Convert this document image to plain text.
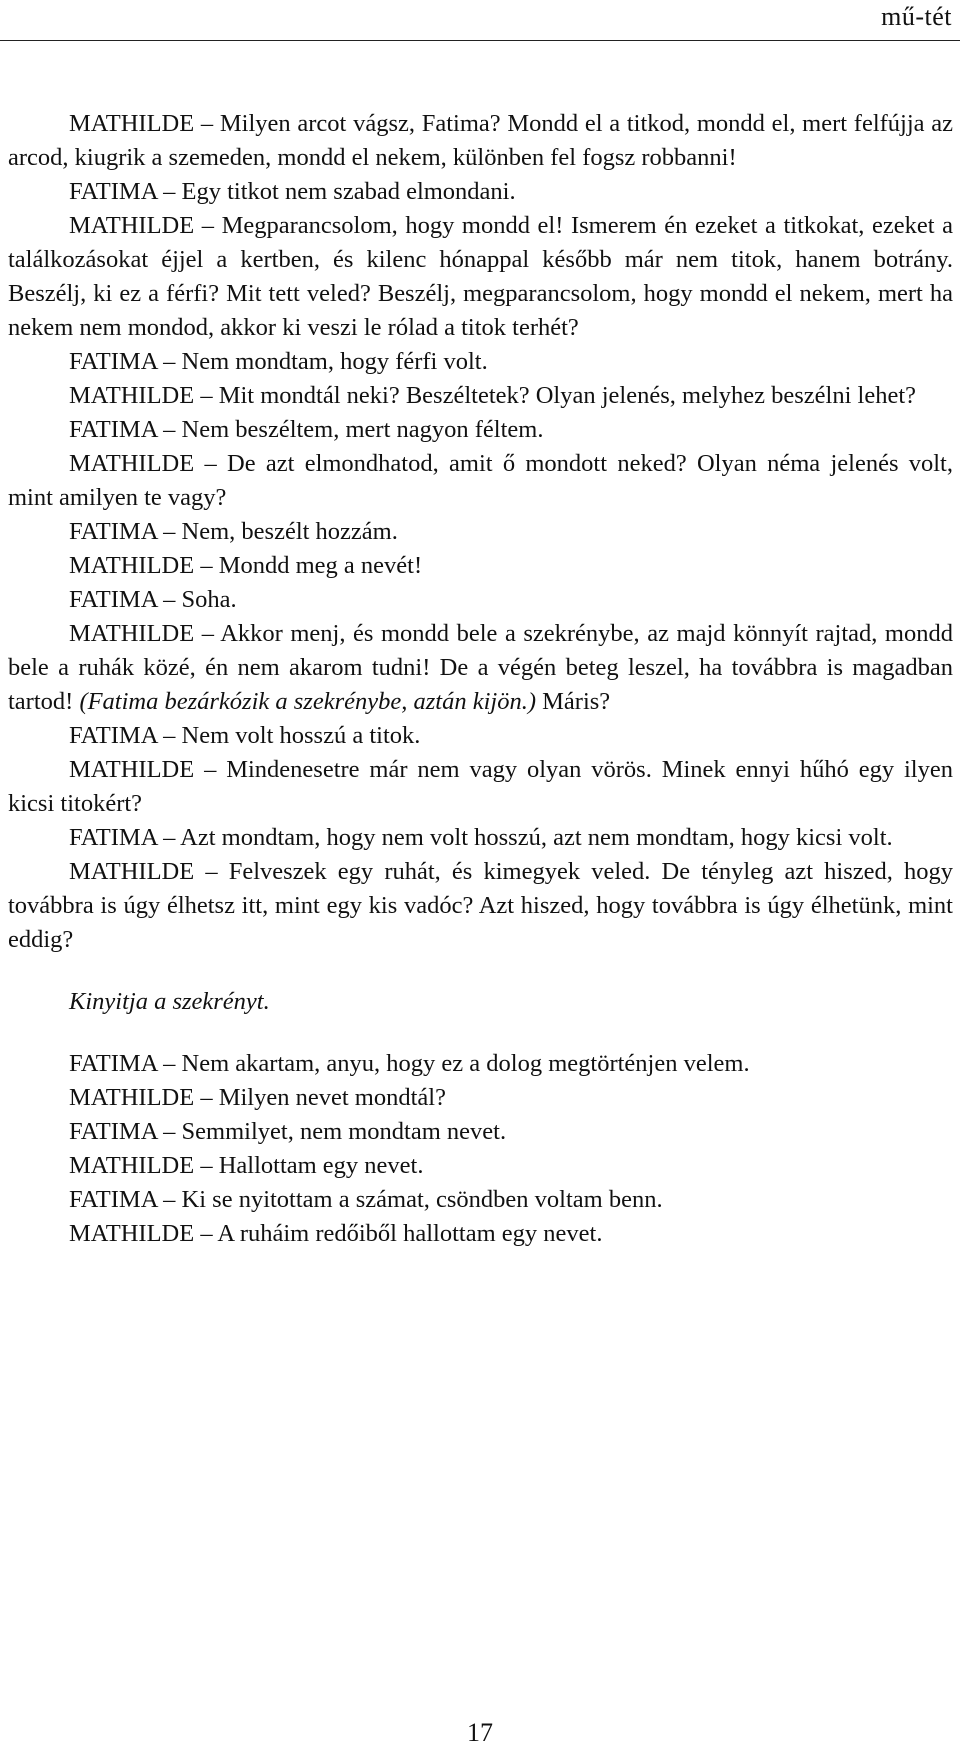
mű-tét

MATHILDE – Milyen arcot vágsz, Fatima? Mondd el a titkod, mondd el, mert felfújja az arcod, kiugrik a szemeden, mondd el nekem, különben fel fogsz robbanni!

FATIMA – Egy titkot nem szabad elmondani.

MATHILDE – Megparancsolom, hogy mondd el! Ismerem én ezeket a titkokat, ezeket a találkozásokat éjjel a kertben, és kilenc hónappal később már nem titok, hanem botrány. Beszélj, ki ez a férfi? Mit tett veled? Beszélj, megparancsolom, hogy mondd el nekem, mert ha nekem nem mondod, akkor ki veszi le rólad a titok terhét?

FATIMA – Nem mondtam, hogy férfi volt.

MATHILDE – Mit mondtál neki? Beszéltetek? Olyan jelenés, melyhez beszélni lehet?

FATIMA – Nem beszéltem, mert nagyon féltem.

MATHILDE – De azt elmondhatod, amit ő mondott neked? Olyan néma jelenés volt, mint amilyen te vagy?

FATIMA – Nem, beszélt hozzám.

MATHILDE – Mondd meg a nevét!

FATIMA – Soha.

MATHILDE – Akkor menj, és mondd bele a szekrénybe, az majd könnyít rajtad, mondd bele a ruhák közé, én nem akarom tudni! De a végén beteg leszel, ha továbbra is magadban tartod! (Fatima bezárkózik a szekrénybe, aztán kijön.) Máris?

FATIMA – Nem volt hosszú a titok.

MATHILDE – Mindenesetre már nem vagy olyan vörös. Minek ennyi hűhó egy ilyen kicsi titokért?

FATIMA – Azt mondtam, hogy nem volt hosszú, azt nem mondtam, hogy kicsi volt.

MATHILDE – Felveszek egy ruhát, és kimegyek veled. De tényleg azt hiszed, hogy továbbra is úgy élhetsz itt, mint egy kis vadóc? Azt hiszed, hogy továbbra is úgy élhetünk, mint eddig?

Kinyitja a szekrényt.

FATIMA – Nem akartam, anyu, hogy ez a dolog megtörténjen velem.

MATHILDE – Milyen nevet mondtál?

FATIMA – Semmilyet, nem mondtam nevet.

MATHILDE – Hallottam egy nevet.

FATIMA – Ki se nyitottam a számat, csöndben voltam benn.

MATHILDE – A ruháim redőiből hallottam egy nevet.

17
